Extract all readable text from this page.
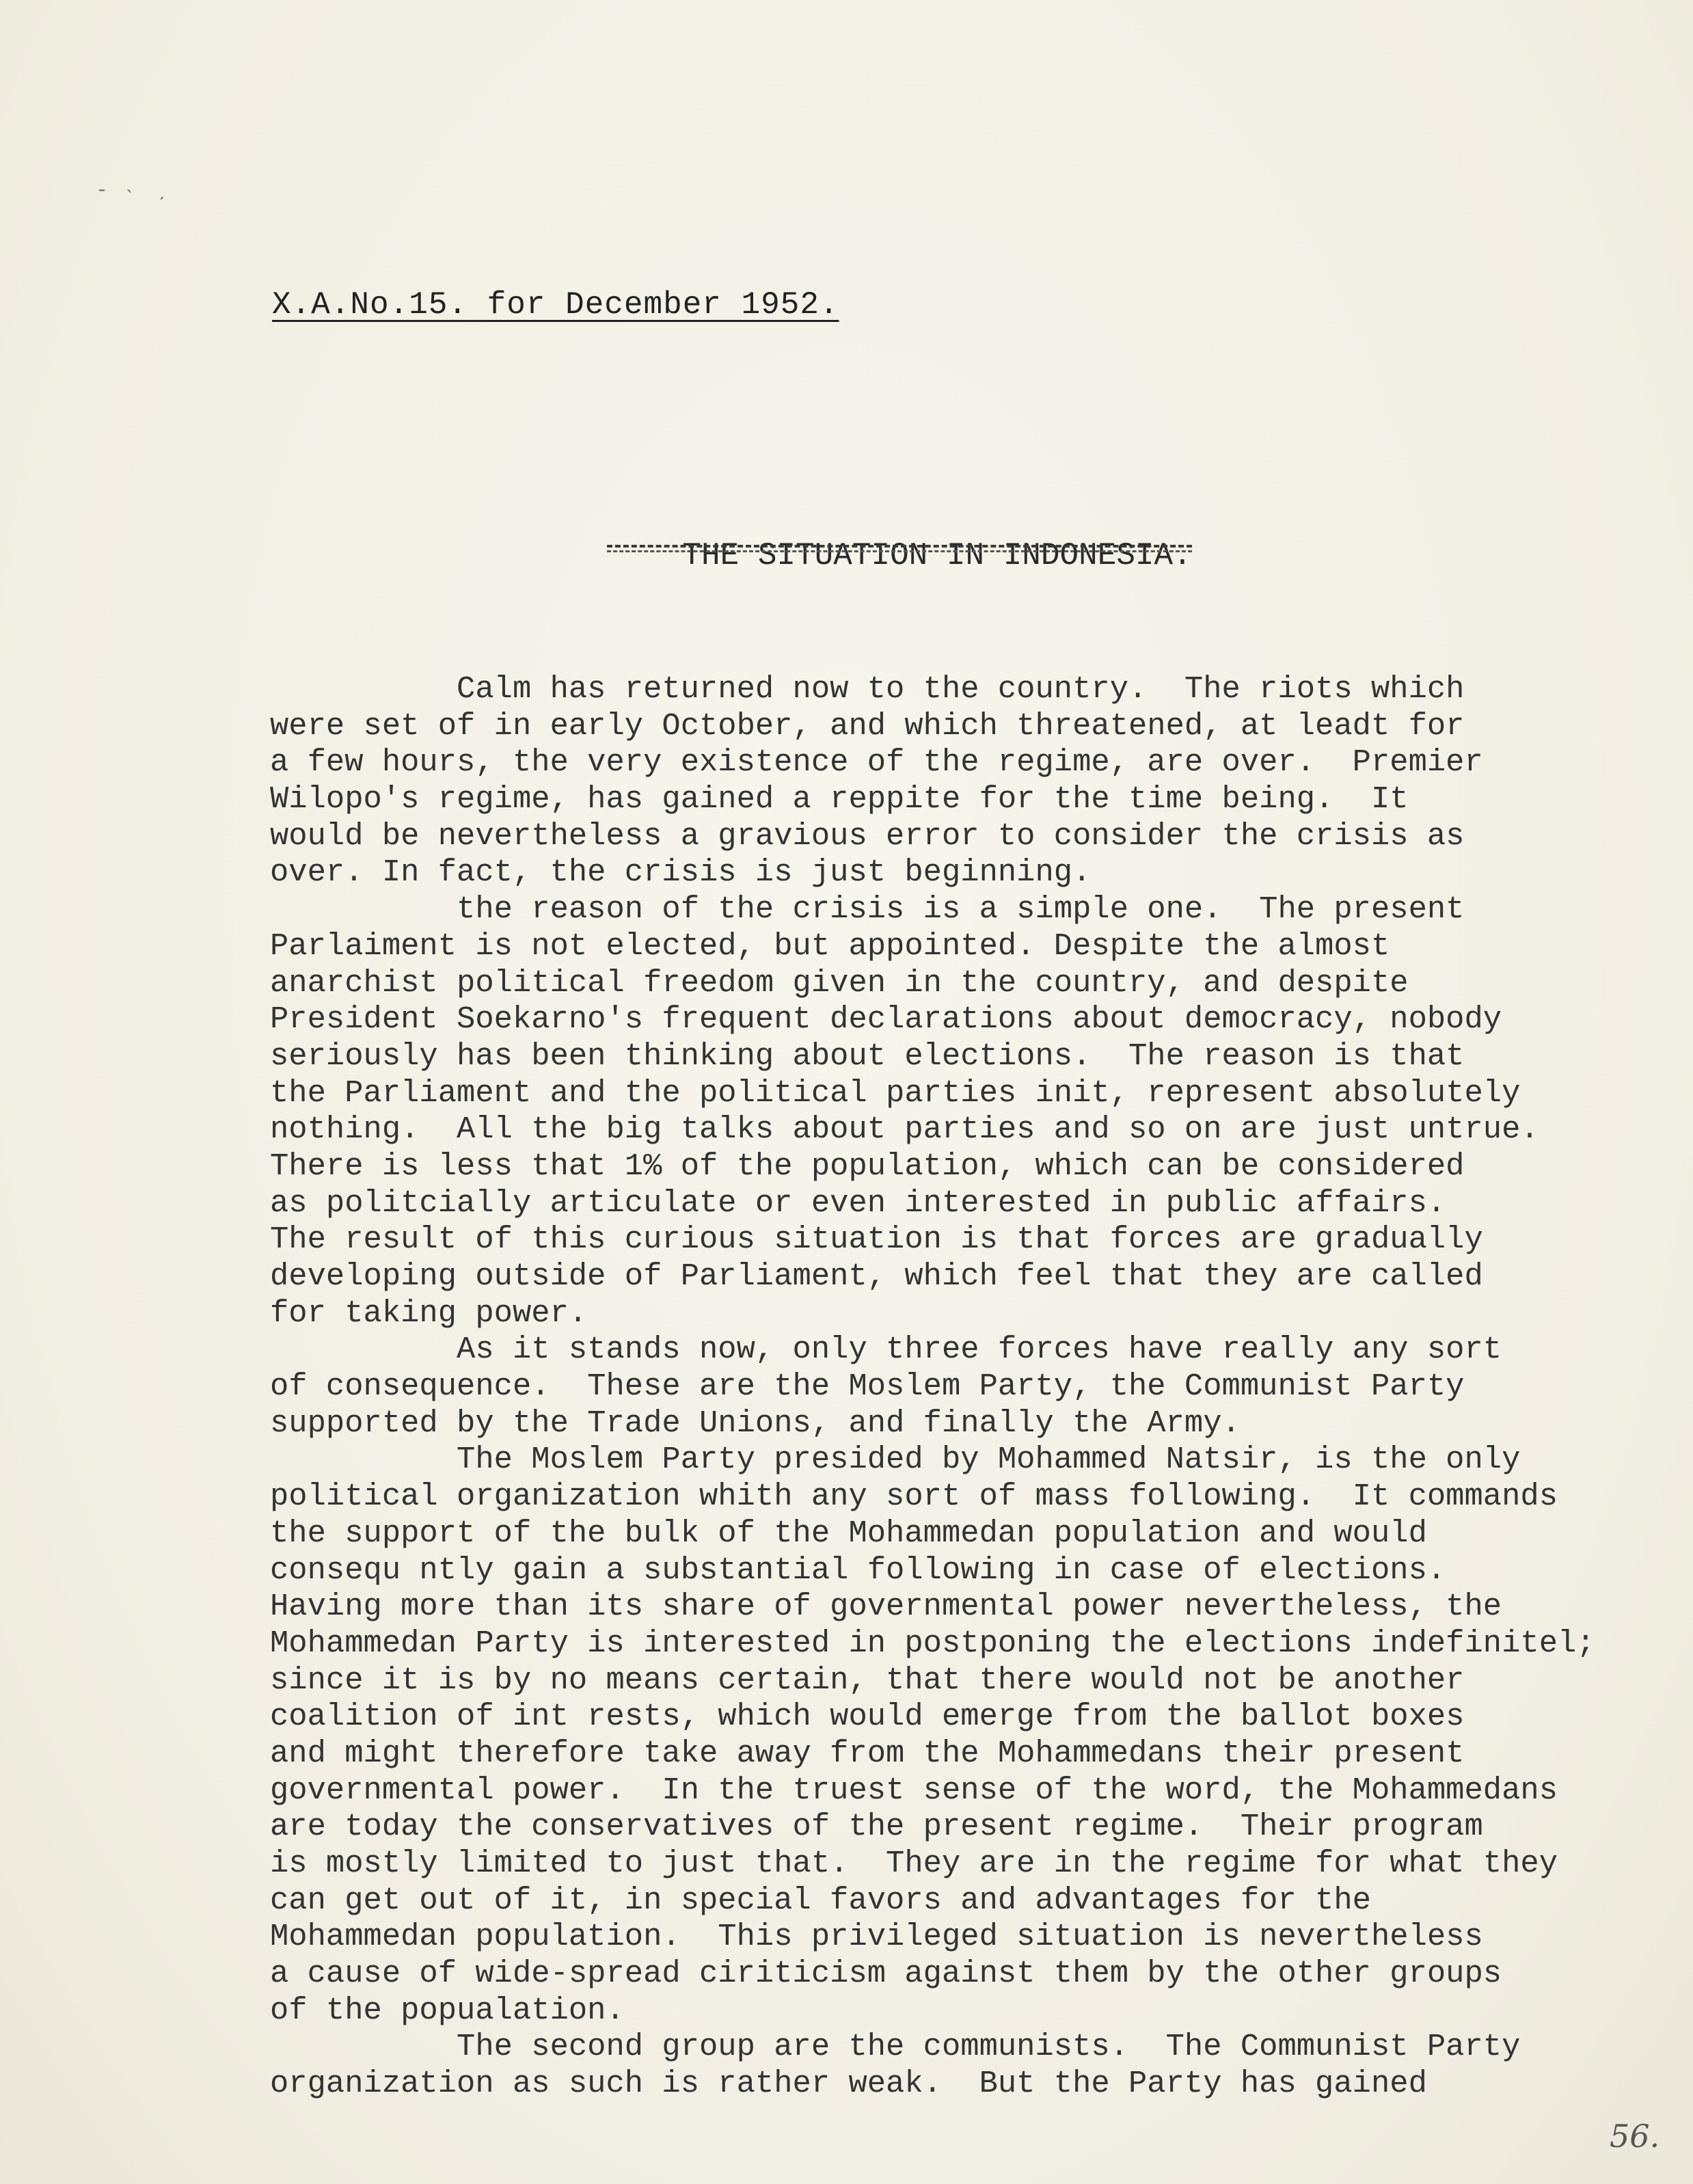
‐ ˴ ˏ
X.A.No.15. for December 1952.

THE SITUATION IN INDONESIA.

Calm has returned now to the country.  The riots which
were set of in early October, and which threatened, at leadt for
a few hours, the very existence of the regime, are over.  Premier
Wilopo's regime, has gained a reppite for the time being.  It
would be nevertheless a gravious error to consider the crisis as
over. In fact, the crisis is just beginning.
the reason of the crisis is a simple one.  The present
Parlaiment is not elected, but appointed. Despite the almost
anarchist political freedom given in the country, and despite
President Soekarno's frequent declarations about democracy, nobody
seriously has been thinking about elections.  The reason is that
the Parliament and the political parties init, represent absolutely
nothing.  All the big talks about parties and so on are just untrue.
There is less that 1% of the population, which can be considered
as politcially articulate or even interested in public affairs.
The result of this curious situation is that forces are gradually
developing outside of Parliament, which feel that they are called
for taking power.
As it stands now, only three forces have really any sort
of consequence.  These are the Moslem Party, the Communist Party
supported by the Trade Unions, and finally the Army.
The Moslem Party presided by Mohammed Natsir, is the only
political organization whith any sort of mass following.  It commands
the support of the bulk of the Mohammedan population and would
consequ ntly gain a substantial following in case of elections.
Having more than its share of governmental power nevertheless, the
Mohammedan Party is interested in postponing the elections indefinitel;
since it is by no means certain, that there would not be another
coalition of int rests, which would emerge from the ballot boxes
and might therefore take away from the Mohammedans their present
governmental power.  In the truest sense of the word, the Mohammedans
are today the conservatives of the present regime.  Their program
is mostly limited to just that.  They are in the regime for what they
can get out of it, in special favors and advantages for the
Mohammedan population.  This privileged situation is nevertheless
a cause of wide-spread ciriticism against them by the other groups
of the popualation.
The second group are the communists.  The Communist Party
organization as such is rather weak.  But the Party has gained
56.
